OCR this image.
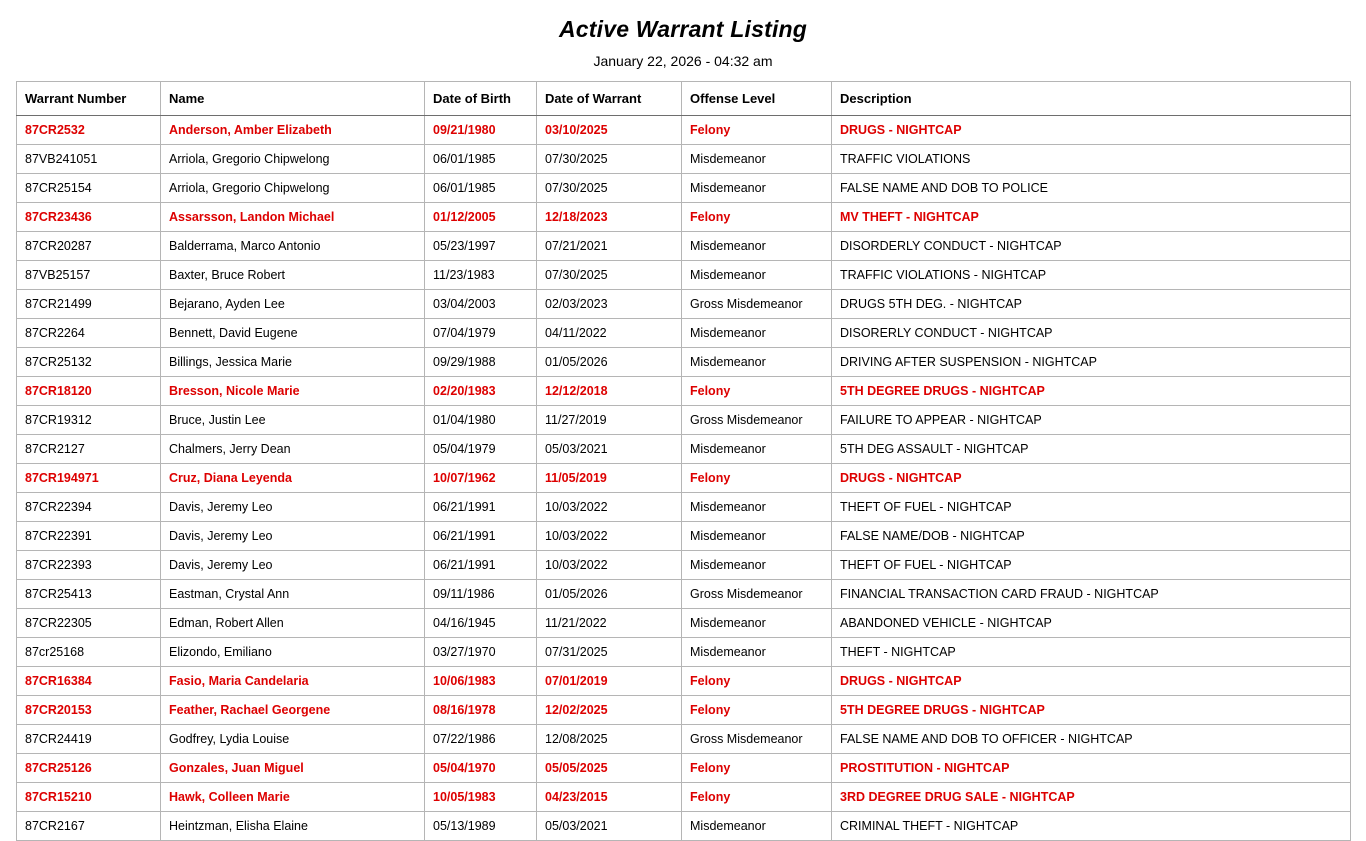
Active Warrant Listing
January 22, 2026 - 04:32 am
Warrant Number	Name	Date of Birth	Date of Warrant	Offense Level	Description
87CR2532	Anderson, Amber Elizabeth	09/21/1980	03/10/2025	Felony	DRUGS - NIGHTCAP
87VB241051	Arriola, Gregorio Chipwelong	06/01/1985	07/30/2025	Misdemeanor	TRAFFIC VIOLATIONS
87CR25154	Arriola, Gregorio Chipwelong	06/01/1985	07/30/2025	Misdemeanor	FALSE NAME AND DOB TO POLICE
87CR23436	Assarsson, Landon Michael	01/12/2005	12/18/2023	Felony	MV THEFT - NIGHTCAP
87CR20287	Balderrama, Marco Antonio	05/23/1997	07/21/2021	Misdemeanor	DISORDERLY CONDUCT - NIGHTCAP
87VB25157	Baxter, Bruce Robert	11/23/1983	07/30/2025	Misdemeanor	TRAFFIC VIOLATIONS - NIGHTCAP
87CR21499	Bejarano, Ayden Lee	03/04/2003	02/03/2023	Gross Misdemeanor	DRUGS 5TH DEG. - NIGHTCAP
87CR2264	Bennett, David Eugene	07/04/1979	04/11/2022	Misdemeanor	DISORERLY CONDUCT - NIGHTCAP
87CR25132	Billings, Jessica Marie	09/29/1988	01/05/2026	Misdemeanor	DRIVING AFTER SUSPENSION - NIGHTCAP
87CR18120	Bresson, Nicole Marie	02/20/1983	12/12/2018	Felony	5TH DEGREE DRUGS - NIGHTCAP
87CR19312	Bruce, Justin Lee	01/04/1980	11/27/2019	Gross Misdemeanor	FAILURE TO APPEAR - NIGHTCAP
87CR2127	Chalmers, Jerry Dean	05/04/1979	05/03/2021	Misdemeanor	5TH DEG ASSAULT - NIGHTCAP
87CR194971	Cruz, Diana Leyenda	10/07/1962	11/05/2019	Felony	DRUGS - NIGHTCAP
87CR22394	Davis, Jeremy Leo	06/21/1991	10/03/2022	Misdemeanor	THEFT OF FUEL - NIGHTCAP
87CR22391	Davis, Jeremy Leo	06/21/1991	10/03/2022	Misdemeanor	FALSE NAME/DOB - NIGHTCAP
87CR22393	Davis, Jeremy Leo	06/21/1991	10/03/2022	Misdemeanor	THEFT OF FUEL - NIGHTCAP
87CR25413	Eastman, Crystal Ann	09/11/1986	01/05/2026	Gross Misdemeanor	FINANCIAL TRANSACTION CARD FRAUD - NIGHTCAP
87CR22305	Edman, Robert Allen	04/16/1945	11/21/2022	Misdemeanor	ABANDONED VEHICLE - NIGHTCAP
87cr25168	Elizondo, Emiliano	03/27/1970	07/31/2025	Misdemeanor	THEFT - NIGHTCAP
87CR16384	Fasio, Maria Candelaria	10/06/1983	07/01/2019	Felony	DRUGS - NIGHTCAP
87CR20153	Feather, Rachael Georgene	08/16/1978	12/02/2025	Felony	5TH DEGREE DRUGS - NIGHTCAP
87CR24419	Godfrey, Lydia Louise	07/22/1986	12/08/2025	Gross Misdemeanor	FALSE NAME AND DOB TO OFFICER - NIGHTCAP
87CR25126	Gonzales, Juan Miguel	05/04/1970	05/05/2025	Felony	PROSTITUTION - NIGHTCAP
87CR15210	Hawk, Colleen Marie	10/05/1983	04/23/2015	Felony	3RD DEGREE DRUG SALE - NIGHTCAP
87CR2167	Heintzman, Elisha Elaine	05/13/1989	05/03/2021	Misdemeanor	CRIMINAL THEFT - NIGHTCAP
